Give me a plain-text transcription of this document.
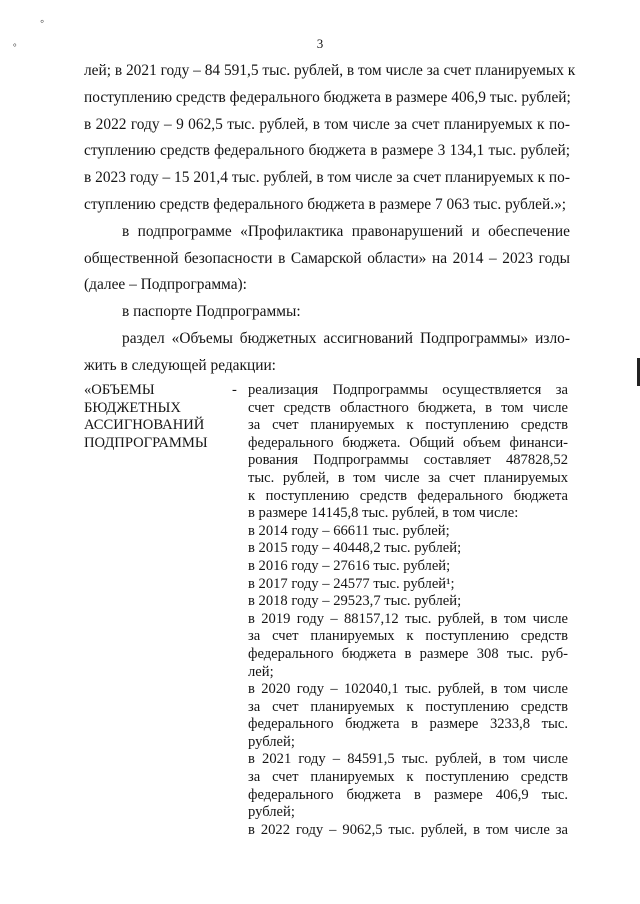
3
◦
°
лей; в 2021 году – 84 591,5 тыс. рублей, в том числе за счет планируемых к
поступлению средств федерального бюджета в размере 406,9 тыс. рублей;
в 2022 году – 9 062,5 тыс. рублей, в том числе за счет планируемых к по-
ступлению средств федерального бюджета в размере 3 134,1 тыс. рублей;
в 2023 году – 15 201,4 тыс. рублей, в том числе за счет планируемых к по-
ступлению средств федерального бюджета в размере 7 063 тыс. рублей.»;
в подпрограмме «Профилактика правонарушений и обеспечение
общественной безопасности в Самарской области» на 2014 – 2023 годы
(далее – Подпрограмма):
в паспорте Подпрограммы:
раздел «Объемы бюджетных ассигнований Подпрограммы» изло-
жить в следующей редакции:
«ОБЪЕМЫ
БЮДЖЕТНЫХ
АССИГНОВАНИЙ
ПОДПРОГРАММЫ
- реализация Подпрограммы осуществляется за
счет средств областного бюджета, в том числе
за счет планируемых к поступлению средств
федерального бюджета. Общий объем финанси-
рования Подпрограммы составляет 487828,52
тыс. рублей, в том числе за счет планируемых
к поступлению средств федерального бюджета
в размере 14145,8 тыс. рублей, в том числе:
в 2014 году – 66611 тыс. рублей;
в 2015 году – 40448,2 тыс. рублей;
в 2016 году – 27616 тыс. рублей;
в 2017 году – 24577 тыс. рублей¹;
в 2018 году – 29523,7 тыс. рублей;
в 2019 году – 88157,12 тыс. рублей, в том числе
за счет планируемых к поступлению средств
федерального бюджета в размере 308 тыс. руб-
лей;
в 2020 году – 102040,1 тыс. рублей, в том числе
за счет планируемых к поступлению средств
федерального бюджета в размере 3233,8 тыс.
рублей;
в 2021 году – 84591,5 тыс. рублей, в том числе
за счет планируемых к поступлению средств
федерального бюджета в размере 406,9 тыс.
рублей;
в 2022 году – 9062,5 тыс. рублей, в том числе за
